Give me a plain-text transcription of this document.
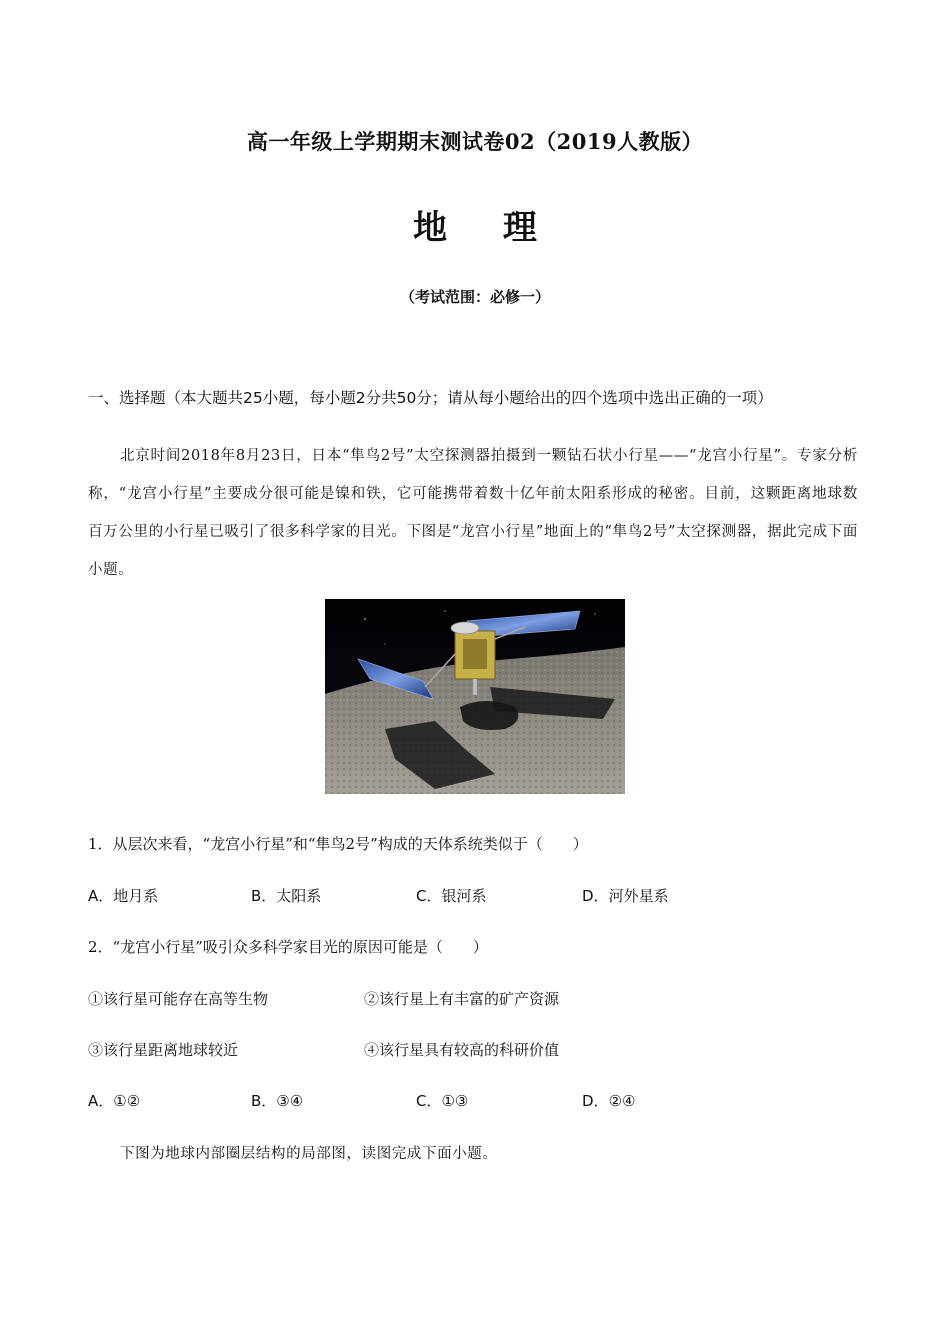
高一年级上学期期末测试卷02（2019人教版）
地 理
（考试范围：必修一）
一、选择题（本大题共25小题，每小题2分共50分；请从每小题给出的四个选项中选出正确的一项）
北京时间2018年8月23日，日本“隼鸟2号”太空探测器拍摄到一颗钻石状小行星——“龙宫小行星”。专家分析称，“龙宫小行星”主要成分很可能是镍和铁，它可能携带着数十亿年前太阳系形成的秘密。目前，这颗距离地球数百万公里的小行星已吸引了很多科学家的目光。下图是“龙宫小行星”地面上的“隼鸟2号”太空探测器，据此完成下面小题。
1．从层次来看，“龙宫小行星”和“隼鸟2号”构成的天体系统类似于（　　）
A．地月系	B．太阳系	C．银河系	D．河外星系
2．“龙宫小行星”吸引众多科学家目光的原因可能是（　　）
①该行星可能存在高等生物	②该行星上有丰富的矿产资源
③该行星距离地球较近	④该行星具有较高的科研价值
A．①②	B．③④	C．①③	D．②④
下图为地球内部圈层结构的局部图，读图完成下面小题。
